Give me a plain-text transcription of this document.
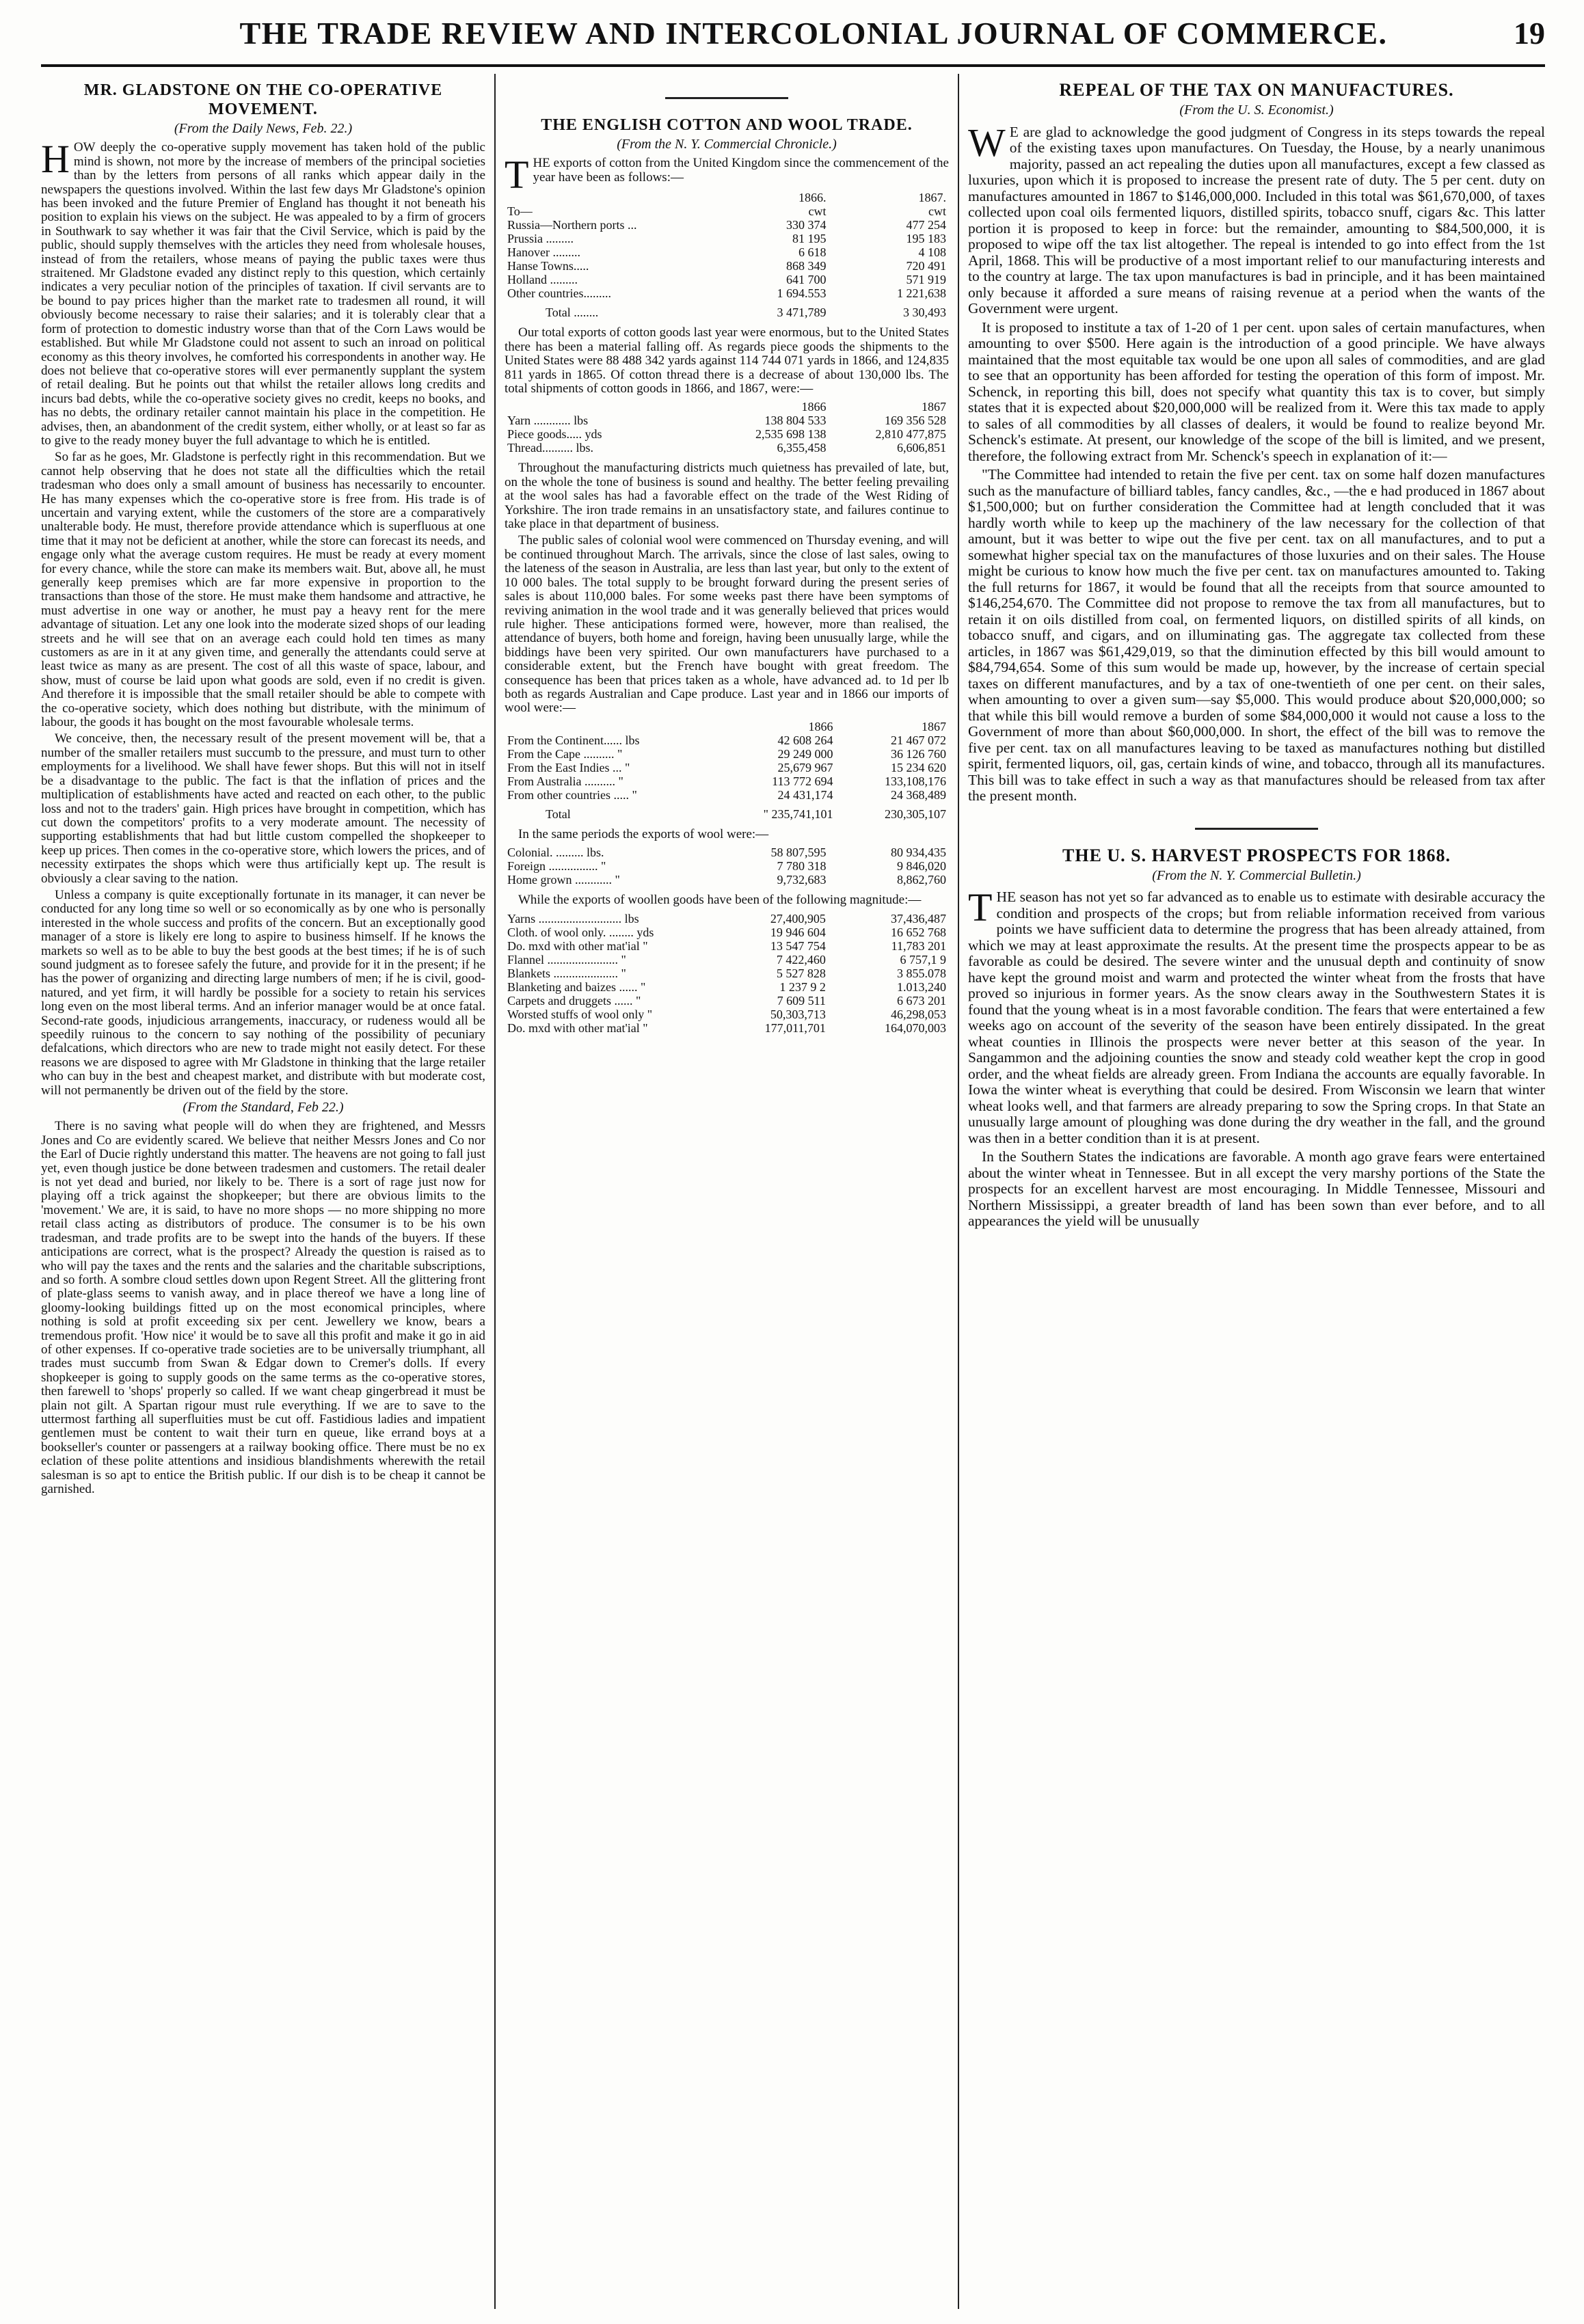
THE TRADE REVIEW AND INTERCOLONIAL JOURNAL OF COMMERCE.	19
MR. GLADSTONE ON THE CO-OPERATIVE MOVEMENT.
(From the Daily News, Feb. 22.)

HOW deeply the co-operative supply movement has taken hold of the public mind is shown, not more by the increase of members of the principal societies than by the letters from persons of all ranks which appear daily in the newspapers the questions involved. Within the last few days Mr Gladstone's opinion has been invoked and the future Premier of England has thought it not beneath his position to explain his views on the subject. He was appealed to by a firm of grocers in Southwark to say whether it was fair that the Civil Service, which is paid by the public, should supply themselves with the articles they need from wholesale houses, instead of from the retailers, whose means of paying the public taxes were thus straitened. Mr Gladstone evaded any distinct reply to this question, which certainly indicates a very peculiar notion of the principles of taxation. If civil servants are to be bound to pay prices higher than the market rate to tradesmen all round, it will obviously become necessary to raise their salaries; and it is tolerably clear that a form of protection to domestic industry worse than that of the Corn Laws would be established. But while Mr Gladstone could not assent to such an inroad on political economy as this theory involves, he comforted his correspondents in another way. He does not believe that co-operative stores will ever permanently supplant the system of retail dealing. But he points out that whilst the retailer allows long credits and incurs bad debts, while the co-operative society gives no credit, keeps no books, and has no debts, the ordinary retailer cannot maintain his place in the competition. He advises, then, an abandonment of the credit system, either wholly, or at least so far as to give to the ready money buyer the full advantage to which he is entitled.

So far as he goes, Mr. Gladstone is perfectly right in this recommendation. But we cannot help observing that he does not state all the difficulties which the retail tradesman who does only a small amount of business has necessarily to encounter. He has many expenses which the co-operative store is free from. His trade is of uncertain and varying extent, while the customers of the store are a comparatively unalterable body. He must, therefore provide attendance which is superfluous at one time that it may not be deficient at another, while the store can forecast its needs, and engage only what the average custom requires. He must be ready at every moment for every chance, while the store can make its members wait. But, above all, he must generally keep premises which are far more expensive in proportion to the transactions than those of the store. He must make them handsome and attractive, he must advertise in one way or another, he must pay a heavy rent for the mere advantage of situation. Let any one look into the moderate sized shops of our leading streets and he will see that on an average each could hold ten times as many customers as are in it at any given time, and generally the attendants could serve at least twice as many as are present. The cost of all this waste of space, labour, and show, must of course be laid upon what goods are sold, even if no credit is given. And therefore it is impossible that the small retailer should be able to compete with the co-operative society, which does nothing but distribute, with the minimum of labour, the goods it has bought on the most favourable wholesale terms.

We conceive, then, the necessary result of the present movement will be, that a number of the smaller retailers must succumb to the pressure, and must turn to other employments for a livelihood. We shall have fewer shops. But this will not in itself be a disadvantage to the public. The fact is that the inflation of prices and the multiplication of establishments have acted and reacted on each other, to the public loss and not to the traders' gain. High prices have brought in competition, which has cut down the competitors' profits to a very moderate amount. The necessity of supporting establishments that had but little custom compelled the shopkeeper to keep up prices. Then comes in the co-operative store, which lowers the prices, and of necessity extirpates the shops which were thus artificially kept up. The result is obviously a clear saving to the nation.

Unless a company is quite exceptionally fortunate in its manager, it can never be conducted for any long time so well or so economically as by one who is personally interested in the whole success and profits of the concern. But an exceptionally good manager of a store is likely ere long to aspire to business himself. If he knows the markets so well as to be able to buy the best goods at the best times; if he is of such sound judgment as to foresee safely the future, and provide for it in the present; if he has the power of organizing and directing large numbers of men; if he is civil, good-natured, and yet firm, it will hardly be possible for a society to retain his services long even on the most liberal terms. And an inferior manager would be at once fatal. Second-rate goods, injudicious arrangements, inaccuracy, or rudeness would all be speedily ruinous to the concern to say nothing of the possibility of pecuniary defalcations, which directors who are new to trade might not easily detect. For these reasons we are disposed to agree with Mr Gladstone in thinking that the large retailer who can buy in the best and cheapest market, and distribute with but moderate cost, will not permanently be driven out of the field by the store.

(From the Standard, Feb 22.)

There is no saving what people will do when they are frightened, and Messrs Jones and Co are evidently scared. We believe that neither Messrs Jones and Co nor the Earl of Ducie rightly understand this matter. The heavens are not going to fall just yet, even though justice be done between tradesmen and customers. The retail dealer is not yet dead and buried, nor likely to be. There is a sort of rage just now for playing off a trick against the shopkeeper; but there are obvious limits to the 'movement.' We are, it is said, to have no more shops — no more shipping no more retail class acting as distributors of produce. The consumer is to be his own tradesman, and trade profits are to be swept into the hands of the buyers. If these anticipations are correct, what is the prospect? Already the question is raised as to who will pay the taxes and the rents and the salaries and the charitable subscriptions, and so forth. A sombre cloud settles down upon Regent Street. All the glittering front of plate-glass seems to vanish away, and in place thereof we have a long line of gloomy-looking buildings fitted up on the most economical principles, where nothing is sold at profit exceeding six per cent. Jewellery we know, bears a tremendous profit. 'How nice' it would be to save all this profit and make it go in aid of other expenses. If co-operative trade societies are to be universally triumphant, all trades must succumb from Swan & Edgar down to Cremer's dolls. If every shopkeeper is going to supply goods on the same terms as the co-operative stores, then farewell to 'shops' properly so called. If we want cheap gingerbread it must be plain not gilt. A Spartan rigour must rule everything. If we are to save to the uttermost farthing all superfluities must be cut off. Fastidious ladies and impatient gentlemen must be content to wait their turn en queue, like errand boys at a bookseller's counter or passengers at a railway booking office. There must be no ex eclation of these polite attentions and insidious blandishments wherewith the retail salesman is so apt to entice the British public. If our dish is to be cheap it cannot be garnished.

THE ENGLISH COTTON AND WOOL TRADE.
(From the N. Y. Commercial Chronicle.)

THE exports of cotton from the United Kingdom since the commencement of the year have been as follows:—

	1866.	1867.
To—	cwt	cwt
Russia—Northern ports ...	330 374	477 254
Prussia .........	81 195	195 183
Hanover .........	6 618	4 108
Hanse Towns.....	868 349	720 491
Holland .........	641 700	571 919
Other countries.........	1 694.553	1 221,638
Total ........	3 471,789	3 30,493

Our total exports of cotton goods last year were enormous, but to the United States there has been a material falling off. As regards piece goods the shipments to the United States were 88 488 342 yards against 114 744 071 yards in 1866, and 124,835 811 yards in 1865. Of cotton thread there is a decrease of about 130,000 lbs. The total shipments of cotton goods in 1866, and 1867, were:—

	1866	1867
Yarn ............ lbs	138 804 533	169 356 528
Piece goods..... yds	2,535 698 138	2,810 477,875
Thread.......... lbs.	6,355,458	6,606,851

Throughout the manufacturing districts much quietness has prevailed of late, but, on the whole the tone of business is sound and healthy. The better feeling prevailing at the wool sales has had a favorable effect on the trade of the West Riding of Yorkshire. The iron trade remains in an unsatisfactory state, and failures continue to take place in that department of business.

The public sales of colonial wool were commenced on Thursday evening, and will be continued throughout March. The arrivals, since the close of last sales, owing to the lateness of the season in Australia, are less than last year, but only to the extent of 10 000 bales. The total supply to be brought forward during the present series of sales is about 110,000 bales. For some weeks past there have been symptoms of reviving animation in the wool trade and it was generally believed that prices would rule higher. These anticipations formed were, however, more than realised, the attendance of buyers, both home and foreign, having been unusually large, while the biddings have been very spirited. Our own manufacturers have purchased to a considerable extent, but the French have bought with great freedom. The consequence has been that prices taken as a whole, have advanced ad. to 1d per lb both as regards Australian and Cape produce. Last year and in 1866 our imports of wool were:—

	1866	1867
From the Continent...... lbs	42 608 264	21 467 072
From the Cape .......... "	29 249 000	36 126 760
From the East Indies ... "	25,679 967	15 234 620
From Australia .......... "	113 772 694	133,108,176
From other countries ..... "	24 431,174	24 368,489
Total	" 235,741,101	230,305,107

In the same periods the exports of wool were:—

Colonial. ......... lbs.	58 807,595	80 934,435
Foreign ................ "	7 780 318	9 846,020
Home grown ............ "	9,732,683	8,862,760

While the exports of woollen goods have been of the following magnitude:—

Yarns ........................... lbs	27,400,905	37,436,487
Cloth. of wool only. ........ yds	19 946 604	16 652 768
Do. mxd with other mat'ial "	13 547 754	11,783 201
Flannel ....................... "	7 422,460	6 757,1 9
Blankets ..................... "	5 527 828	3 855.078
Blanketing and baizes ...... "	1 237 9 2	1.013,240
Carpets and druggets ...... "	7 609 511	6 673 201
Worsted stuffs of wool only "	50,303,713	46,298,053
Do. mxd with other mat'ial "	177,011,701	164,070,003
REPEAL OF THE TAX ON MANUFACTURES.
(From the U. S. Economist.)

WE are glad to acknowledge the good judgment of Congress in its steps towards the repeal of the existing taxes upon manufactures. On Tuesday, the House, by a nearly unanimous majority, passed an act repealing the duties upon all manufactures, except a few classed as luxuries, upon which it is proposed to increase the present rate of duty. The 5 per cent. duty on manufactures amounted in 1867 to $146,000,000. Included in this total was $61,670,000, of taxes collected upon coal oils fermented liquors, distilled spirits, tobacco snuff, cigars &c. This latter portion it is proposed to keep in force: but the remainder, amounting to $84,500,000, it is proposed to wipe off the tax list altogether. The repeal is intended to go into effect from the 1st April, 1868. This will be productive of a most important relief to our manufacturing interests and to the country at large. The tax upon manufactures is bad in principle, and it has been maintained only because it afforded a sure means of raising revenue at a period when the wants of the Government were urgent.

It is proposed to institute a tax of 1-20 of 1 per cent. upon sales of certain manufactures, when amounting to over $500. Here again is the introduction of a good principle. We have always maintained that the most equitable tax would be one upon all sales of commodities, and are glad to see that an opportunity has been afforded for testing the operation of this form of impost. Mr. Schenck, in reporting this bill, does not specify what quantity this tax is to cover, but simply states that it is expected about $20,000,000 will be realized from it. Were this tax made to apply to sales of all commodities by all classes of dealers, it would be found to realize beyond Mr. Schenck's estimate. At present, our knowledge of the scope of the bill is limited, and we present, therefore, the following extract from Mr. Schenck's speech in explanation of it:—

"The Committee had intended to retain the five per cent. tax on some half dozen manufactures such as the manufacture of billiard tables, fancy candles, &c., —the e had produced in 1867 about $1,500,000; but on further consideration the Committee had at length concluded that it was hardly worth while to keep up the machinery of the law necessary for the collection of that amount, but it was better to wipe out the five per cent. tax on all manufactures, and to put a somewhat higher special tax on the manufactures of those luxuries and on their sales. The House might be curious to know how much the five per cent. tax on manufactures amounted to. Taking the full returns for 1867, it would be found that all the receipts from that source amounted to $146,254,670. The Committee did not propose to remove the tax from all manufactures, but to retain it on oils distilled from coal, on fermented liquors, on distilled spirits of all kinds, on tobacco snuff, and cigars, and on illuminating gas. The aggregate tax collected from these articles, in 1867 was $61,429,019, so that the diminution effected by this bill would amount to $84,794,654. Some of this sum would be made up, however, by the increase of certain special taxes on different manufactures, and by a tax of one-twentieth of one per cent. on their sales, when amounting to over a given sum—say $5,000. This would produce about $20,000,000; so that while this bill would remove a burden of some $84,000,000 it would not cause a loss to the Government of more than about $60,000,000. In short, the effect of the bill was to remove the five per cent. tax on all manufactures leaving to be taxed as manufactures nothing but distilled spirit, fermented liquors, oil, gas, certain kinds of wine, and tobacco, through all its manufactures. This bill was to take effect in such a way as that manufactures should be released from tax after the present month.

THE U. S. HARVEST PROSPECTS FOR 1868.
(From the N. Y. Commercial Bulletin.)

THE season has not yet so far advanced as to enable us to estimate with desirable accuracy the condition and prospects of the crops; but from reliable information received from various points we have sufficient data to determine the progress that has been already attained, from which we may at least approximate the results. At the present time the prospects appear to be as favorable as could be desired. The severe winter and the unusual depth and continuity of snow have kept the ground moist and warm and protected the winter wheat from the frosts that have proved so injurious in former years. As the snow clears away in the Southwestern States it is found that the young wheat is in a most favorable condition. The fears that were entertained a few weeks ago on account of the severity of the season have been entirely dissipated. In the great wheat counties in Illinois the prospects were never better at this season of the year. In Sangammon and the adjoining counties the snow and steady cold weather kept the crop in good order, and the wheat fields are already green. From Indiana the accounts are equally favorable. In Iowa the winter wheat is everything that could be desired. From Wisconsin we learn that winter wheat looks well, and that farmers are already preparing to sow the Spring crops. In that State an unusually large amount of ploughing was done during the dry weather in the fall, and the ground was then in a better condition than it is at present.

In the Southern States the indications are favorable. A month ago grave fears were entertained about the winter wheat in Tennessee. But in all except the very marshy portions of the State the prospects for an excellent harvest are most encouraging. In Middle Tennessee, Missouri and Northern Mississippi, a greater breadth of land has been sown than ever before, and to all appearances the yield will be unusually
